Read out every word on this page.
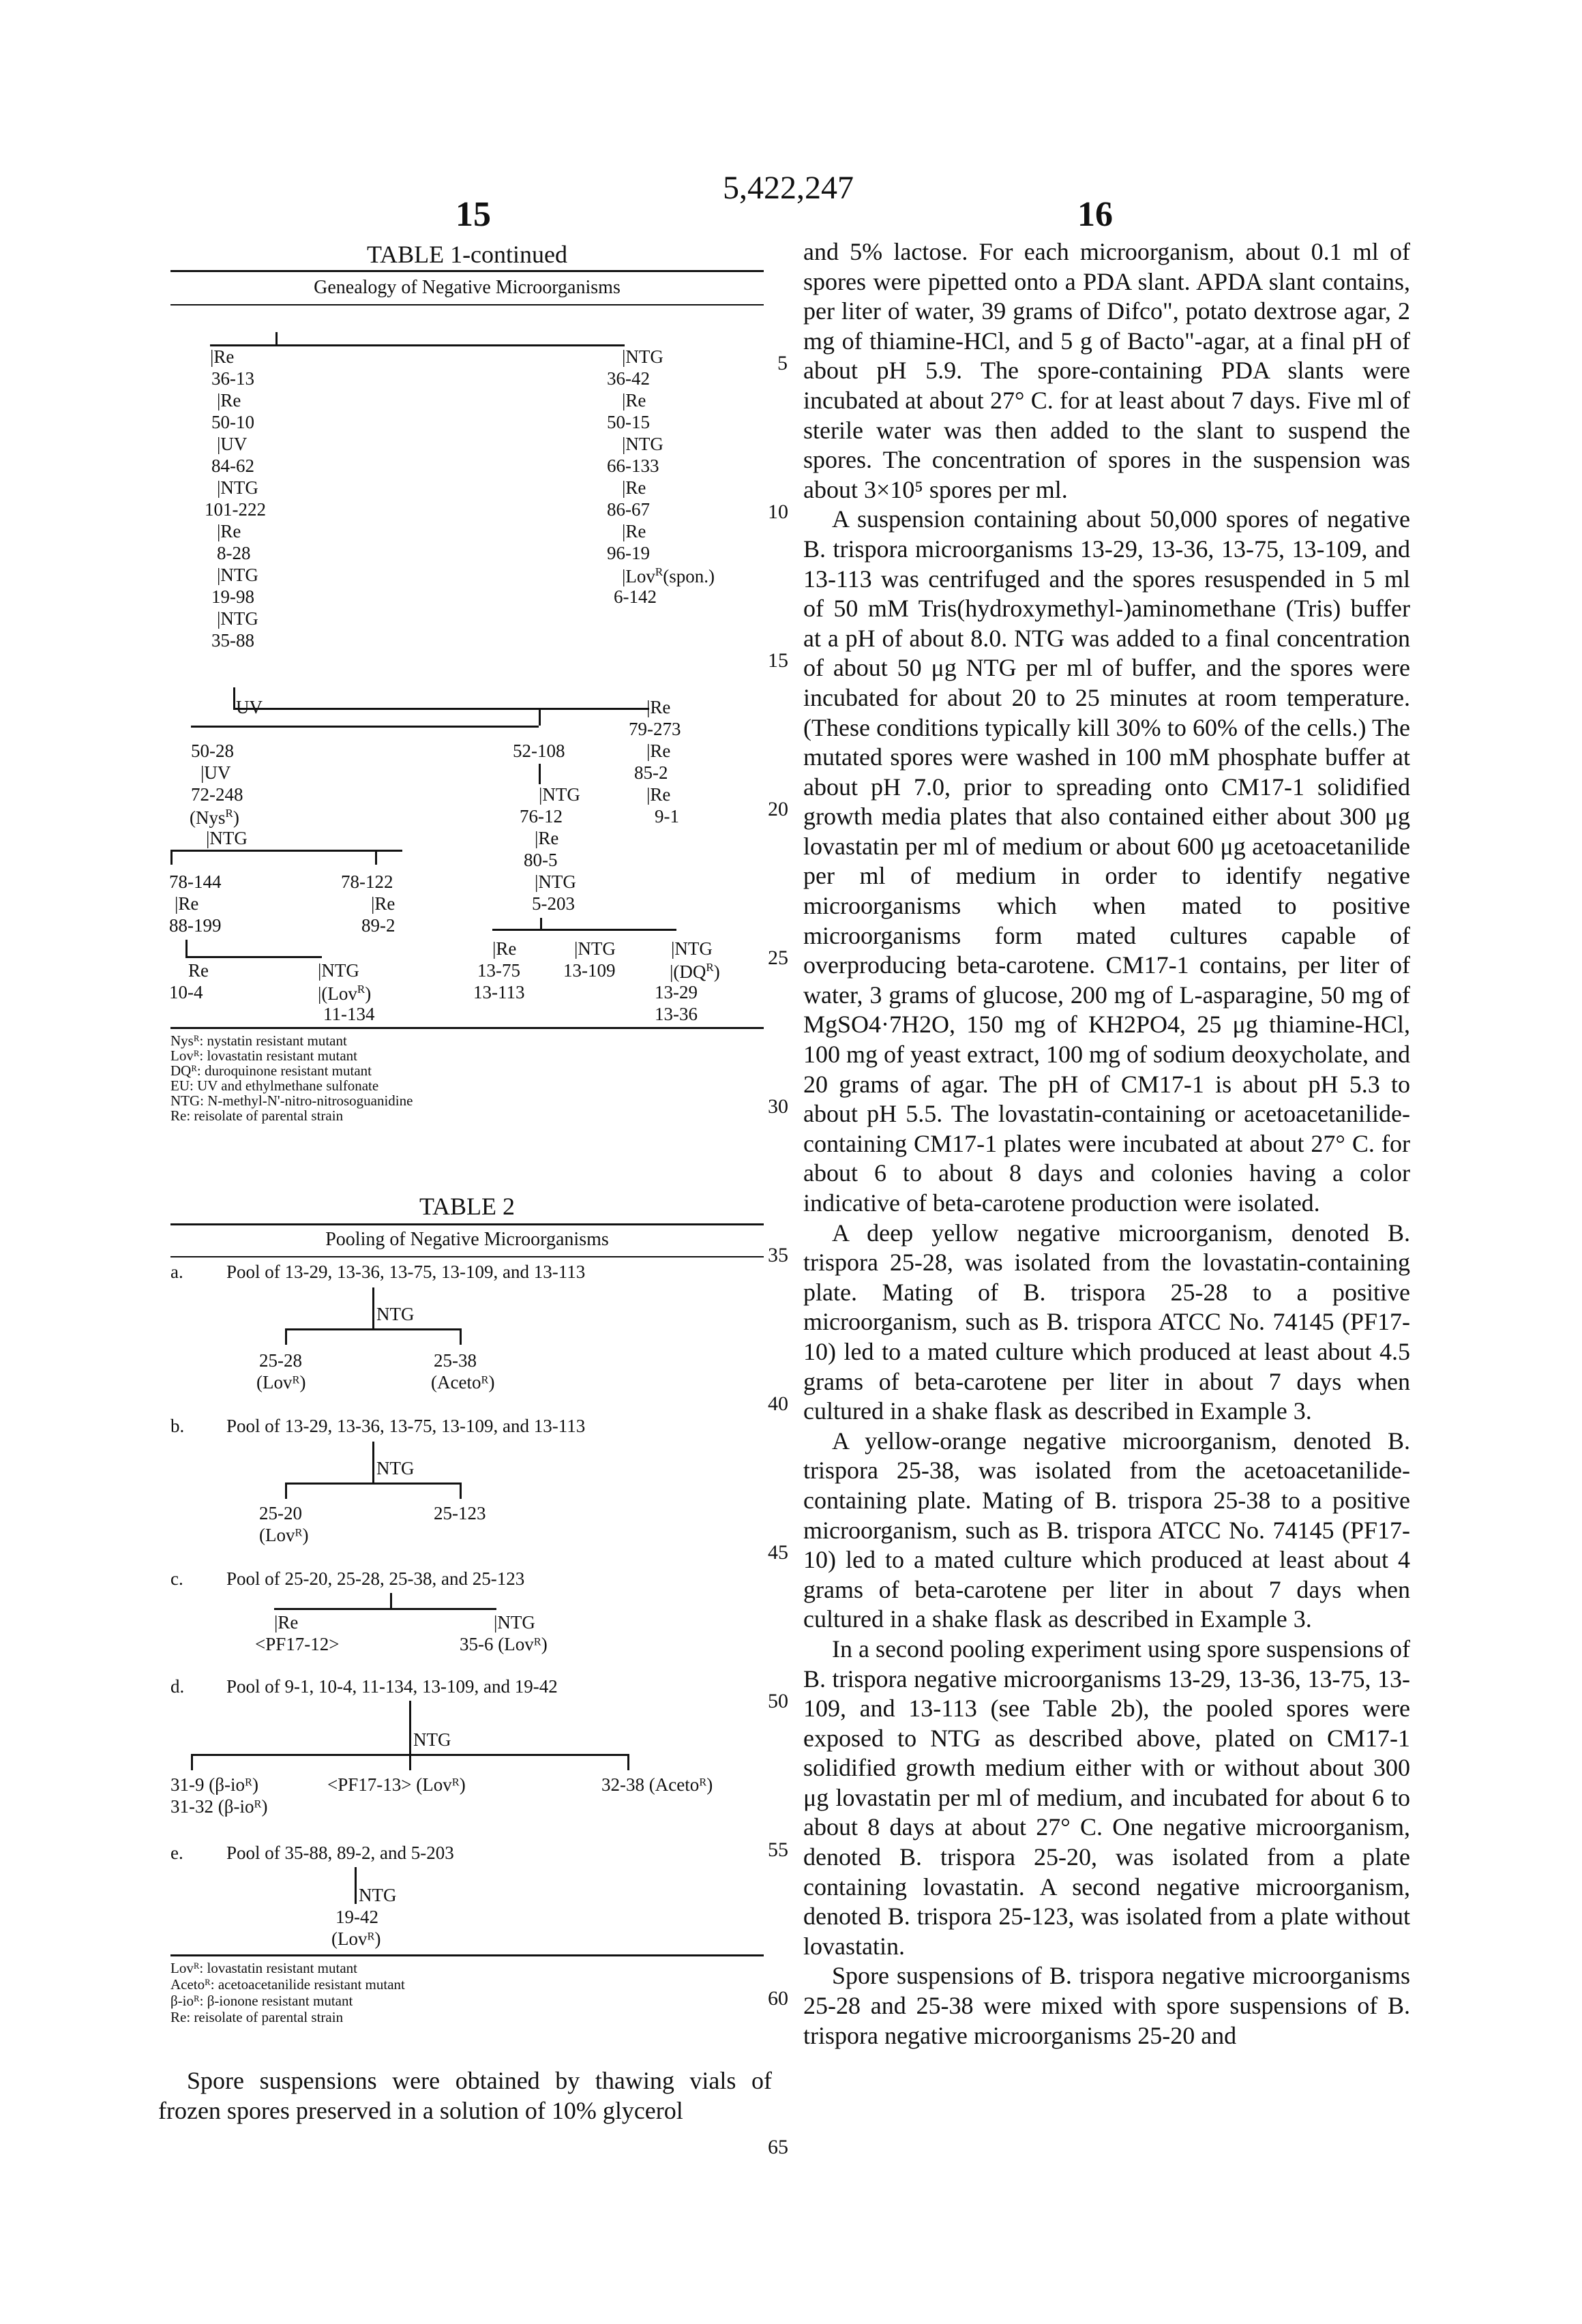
15
5,422,247
16
TABLE 1-continued
Genealogy of Negative Microorganisms
|Re
36-13
|Re
50-10
|UV
84-62
|NTG
101-222
|Re
8-28
|NTG
19-98
|NTG
35-88
|NTG
36-42
|Re
50-15
|NTG
66-133
|Re
86-67
|Re
96-19
|LovR(spon.)
6-142
UV	|Re
79-273
|Re
85-2
|Re
9-1
50-28
|UV
72-248
(NysR)
|NTG
52-108
|NTG
76-12
|Re
80-5
|NTG
5-203
78-144	78-122
|Re	|Re
88-199	89-2
Re	|NTG
10-4	|(LovR)
11-134
|Re	|NTG	|NTG
13-75 13-109	|(DQR)
13-113	13-29
13-36
Nysᴿ: nystatin resistant mutant
Lovᴿ: lovastatin resistant mutant
DQᴿ: duroquinone resistant mutant
EU: UV and ethylmethane sulfonate
NTG: N-methyl-N'-nitro-nitrosoguanidine
Re: reisolate of parental strain
TABLE 2
Pooling of Negative Microorganisms
a. Pool of 13-29, 13-36, 13-75, 13-109, and 13-113
NTG
25-28
(Lovᴿ)
25-38
(Acetoᴿ)
b. Pool of 13-29, 13-36, 13-75, 13-109, and 13-113
NTG
25-20
(Lovᴿ)
25-123
c. Pool of 25-20, 25-28, 25-38, and 25-123
|Re	|NTG
<PF17-12>	35-6 (Lovᴿ)
d. Pool of 9-1, 10-4, 11-134, 13-109, and 19-42
NTG
31-9 (β-ioᴿ)
31-32 (β-ioᴿ)
<PF17-13> (Lovᴿ)	32-38 (Acetoᴿ)
e. Pool of 35-88, 89-2, and 5-203
NTG
19-42
(Lovᴿ)
Lovᴿ: lovastatin resistant mutant
Acetoᴿ: acetoacetanilide resistant mutant
β-ioᴿ: β-ionone resistant mutant
Re: reisolate of parental strain

Spore suspensions were obtained by thawing vials of frozen spores preserved in a solution of 10% glycerol

and 5% lactose. For each microorganism, about 0.1 ml of spores were pipetted onto a PDA slant. APDA slant contains, per liter of water, 39 grams of Difco", potato dextrose agar, 2 mg of thiamine-HCl, and 5 g of Bacto"-agar, at a final pH of about pH 5.9. The spore-containing PDA slants were incubated at about 27° C. for at least about 7 days. Five ml of sterile water was then added to the slant to suspend the spores. The concentration of spores in the suspension was about 3×10⁵ spores per ml.

A suspension containing about 50,000 spores of negative B. trispora microorganisms 13-29, 13-36, 13-75, 13-109, and 13-113 was centrifuged and the spores resuspended in 5 ml of 50 mM Tris(hydroxymethyl-)aminomethane (Tris) buffer at a pH of about 8.0. NTG was added to a final concentration of about 50 μg NTG per ml of buffer, and the spores were incubated for about 20 to 25 minutes at room temperature. (These conditions typically kill 30% to 60% of the cells.) The mutated spores were washed in 100 mM phosphate buffer at about pH 7.0, prior to spreading onto CM17-1 solidified growth media plates that also contained either about 300 μg lovastatin per ml of medium or about 600 μg acetoacetanilide per ml of medium in order to identify negative microorganisms which when mated to positive microorganisms form mated cultures capable of overproducing beta-carotene. CM17-1 contains, per liter of water, 3 grams of glucose, 200 mg of L-asparagine, 50 mg of MgSO4·7H2O, 150 mg of KH2PO4, 25 μg thiamine-HCl, 100 mg of yeast extract, 100 mg of sodium deoxycholate, and 20 grams of agar. The pH of CM17-1 is about pH 5.3 to about pH 5.5. The lovastatin-containing or acetoacetanilide-containing CM17-1 plates were incubated at about 27° C. for about 6 to about 8 days and colonies having a color indicative of beta-carotene production were isolated.

A deep yellow negative microorganism, denoted B. trispora 25-28, was isolated from the lovastatin-containing plate. Mating of B. trispora 25-28 to a positive microorganism, such as B. trispora ATCC No. 74145 (PF17-10) led to a mated culture which produced at least about 4.5 grams of beta-carotene per liter in about 7 days when cultured in a shake flask as described in Example 3.

A yellow-orange negative microorganism, denoted B. trispora 25-38, was isolated from the acetoacetanilide-containing plate. Mating of B. trispora 25-38 to a positive microorganism, such as B. trispora ATCC No. 74145 (PF17-10) led to a mated culture which produced at least about 4 grams of beta-carotene per liter in about 7 days when cultured in a shake flask as described in Example 3.

In a second pooling experiment using spore suspensions of B. trispora negative microorganisms 13-29, 13-36, 13-75, 13-109, and 13-113 (see Table 2b), the pooled spores were exposed to NTG as described above, plated on CM17-1 solidified growth medium either with or without about 300 μg lovastatin per ml of medium, and incubated for about 6 to about 8 days at about 27° C. One negative microorganism, denoted B. trispora 25-20, was isolated from a plate containing lovastatin. A second negative microorganism, denoted B. trispora 25-123, was isolated from a plate without lovastatin.

Spore suspensions of B. trispora negative microorganisms 25-28 and 25-38 were mixed with spore suspensions of B. trispora negative microorganisms 25-20 and

5
10
15
20
25
30
35
40
45
50
55
60
65
